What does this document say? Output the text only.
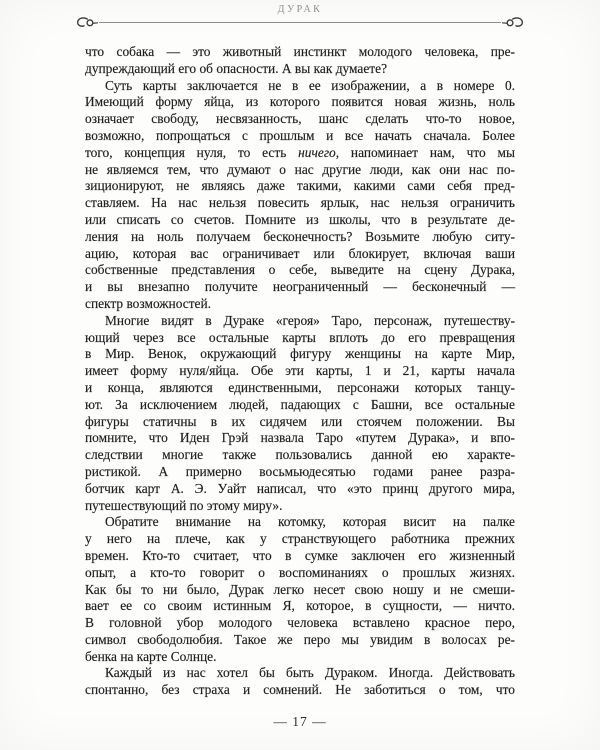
ДУРАК
что собака — это животный инстинкт молодого человека, пре-
дупреждающий его об опасности. А вы как думаете?
Суть карты заключается не в ее изображении, а в номере 0.
Имеющий форму яйца, из которого появится новая жизнь, ноль
означает свободу, несвязанность, шанс сделать что-то новое,
возможно, попрощаться с прошлым и все начать сначала. Более
того, концепция нуля, то есть ничего, напоминает нам, что мы
не являемся тем, что думают о нас другие люди, как они нас по-
зиционируют, не являясь даже такими, какими сами себя пред-
ставляем. На нас нельзя повесить ярлык, нас нельзя ограничить
или списать со счетов. Помните из школы, что в результате де-
ления на ноль получаем бесконечность? Возьмите любую ситу-
ацию, которая вас ограничивает или блокирует, включая ваши
собственные представления о себе, выведите на сцену Дурака,
и вы внезапно получите неограниченный — бесконечный —
спектр возможностей.
Многие видят в Дураке «героя» Таро, персонаж, путешеству-
ющий через все остальные карты вплоть до его превращения
в Мир. Венок, окружающий фигуру женщины на карте Мир,
имеет форму нуля/яйца. Обе эти карты, 1 и 21, карты начала
и конца, являются единственными, персонажи которых танцу-
ют. За исключением людей, падающих с Башни, все остальные
фигуры статичны в их сидячем или стоячем положении. Вы
помните, что Иден Грэй назвала Таро «путем Дурака», и впо-
следствии многие также пользовались данной ею характе-
ристикой. А примерно восьмьюдесятью годами ранее разра-
ботчик карт А. Э. Уайт написал, что «это принц другого мира,
путешествующий по этому миру».
Обратите внимание на котомку, которая висит на палке
у него на плече, как у странствующего работника прежних
времен. Кто-то считает, что в сумке заключен его жизненный
опыт, а кто-то говорит о воспоминаниях о прошлых жизнях.
Как бы то ни было, Дурак легко несет свою ношу и не смеши-
вает ее со своим истинным Я, которое, в сущности, — ничто.
В головной убор молодого человека вставлено красное перо,
символ свободолюбия. Такое же перо мы увидим в волосах ре-
бенка на карте Солнце.
Каждый из нас хотел бы быть Дураком. Иногда. Действовать
спонтанно, без страха и сомнений. Не заботиться о том, что
— 17 —
